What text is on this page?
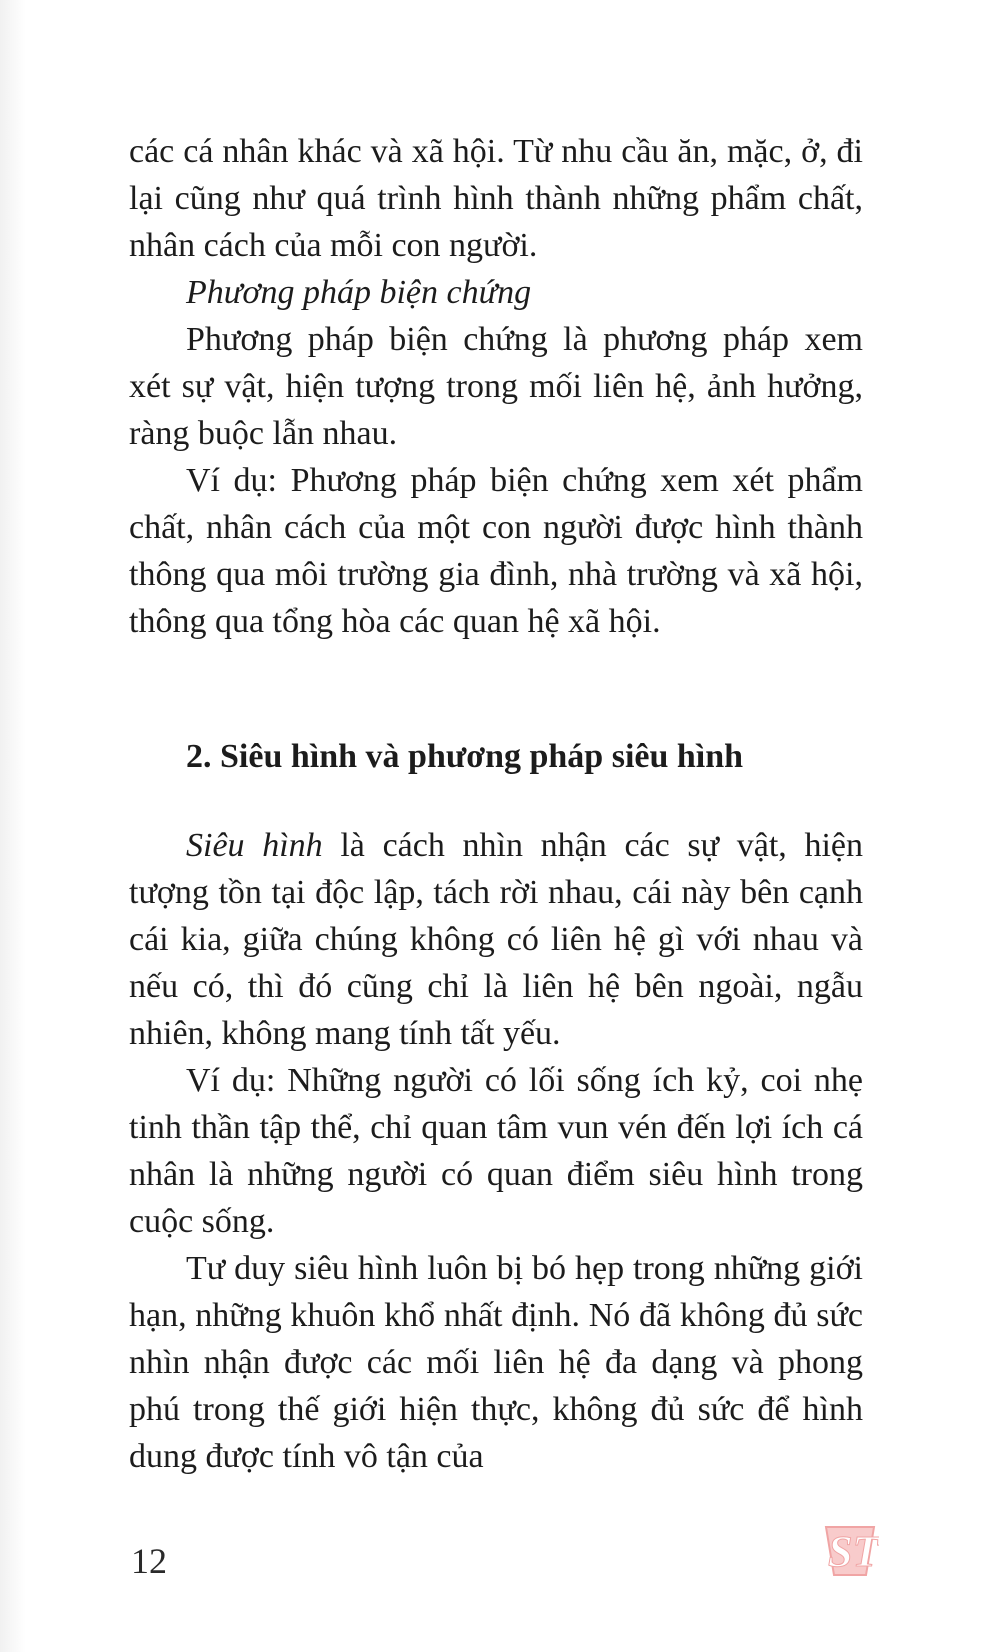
các cá nhân khác và xã hội. Từ nhu cầu ăn, mặc, ở, đi lại cũng như quá trình hình thành những phẩm chất, nhân cách của mỗi con người.

Phương pháp biện chứng

Phương pháp biện chứng là phương pháp xem xét sự vật, hiện tượng trong mối liên hệ, ảnh hưởng, ràng buộc lẫn nhau.

Ví dụ: Phương pháp biện chứng xem xét phẩm chất, nhân cách của một con người được hình thành thông qua môi trường gia đình, nhà trường và xã hội, thông qua tổng hòa các quan hệ xã hội.

2. Siêu hình và phương pháp siêu hình

Siêu hình là cách nhìn nhận các sự vật, hiện tượng tồn tại độc lập, tách rời nhau, cái này bên cạnh cái kia, giữa chúng không có liên hệ gì với nhau và nếu có, thì đó cũng chỉ là liên hệ bên ngoài, ngẫu nhiên, không mang tính tất yếu.

Ví dụ: Những người có lối sống ích kỷ, coi nhẹ tinh thần tập thể, chỉ quan tâm vun vén đến lợi ích cá nhân là những người có quan điểm siêu hình trong cuộc sống.

Tư duy siêu hình luôn bị bó hẹp trong những giới hạn, những khuôn khổ nhất định. Nó đã không đủ sức nhìn nhận được các mối liên hệ đa dạng và phong phú trong thế giới hiện thực, không đủ sức để hình dung được tính vô tận của

12	ST
